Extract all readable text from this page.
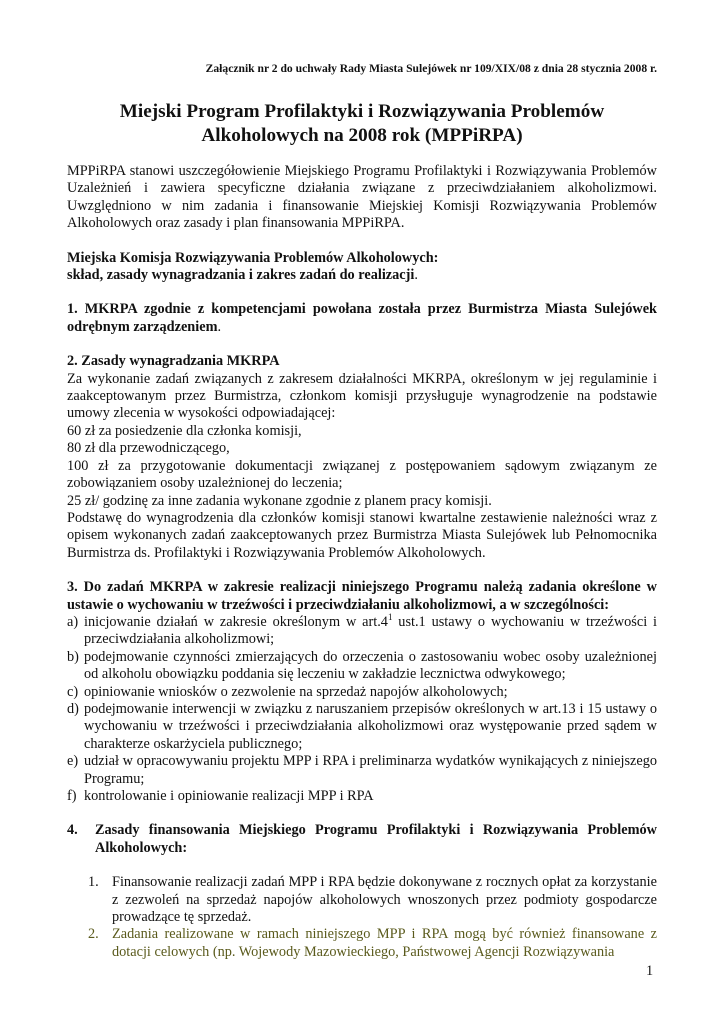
Załącznik nr 2 do uchwały Rady Miasta Sulejówek nr 109/XIX/08 z dnia 28 stycznia 2008 r.
Miejski Program Profilaktyki i Rozwiązywania Problemów
Alkoholowych na 2008 rok (MPPiRPA)

MPPiRPA stanowi uszczegółowienie Miejskiego Programu Profilaktyki i Rozwiązywania Problemów Uzależnień i zawiera specyficzne działania związane z przeciwdziałaniem alkoholizmowi. Uwzględniono w nim zadania i finansowanie Miejskiej Komisji Rozwiązywania Problemów Alkoholowych oraz zasady i plan finansowania MPPiRPA.

Miejska Komisja Rozwiązywania Problemów Alkoholowych:
skład, zasady wynagradzania i zakres zadań do realizacji.

1. MKRPA zgodnie z kompetencjami powołana została przez Burmistrza Miasta Sulejówek odrębnym zarządzeniem.

2. Zasady wynagradzania MKRPA

Za wykonanie zadań związanych z zakresem działalności MKRPA, określonym w jej regulaminie i zaakceptowanym przez Burmistrza, członkom komisji przysługuje wynagrodzenie na podstawie umowy zlecenia w wysokości odpowiadającej:

60 zł za posiedzenie dla członka komisji,

80 zł dla przewodniczącego,

100 zł za przygotowanie dokumentacji związanej z postępowaniem sądowym związanym ze zobowiązaniem osoby uzależnionej do leczenia;

25 zł/ godzinę za inne zadania wykonane zgodnie z planem pracy komisji.

Podstawę do wynagrodzenia dla członków komisji stanowi kwartalne zestawienie należności wraz z opisem wykonanych zadań zaakceptowanych przez Burmistrza Miasta Sulejówek lub Pełnomocnika Burmistrza ds. Profilaktyki i Rozwiązywania Problemów Alkoholowych.

3. Do zadań MKRPA w zakresie realizacji niniejszego Programu należą zadania określone w ustawie o wychowaniu w trzeźwości i przeciwdziałaniu alkoholizmowi, a w szczególności:
a) inicjowanie działań w zakresie określonym w $art.4^1$ ust.1 ustawy o wychowaniu w trzeźwości i przeciwdziałania alkoholizmowi;
b) podejmowanie czynności zmierzających do orzeczenia o zastosowaniu wobec osoby uzależnionej od alkoholu obowiązku poddania się leczeniu w zakładzie lecznictwa odwykowego;
c) opiniowanie wniosków o zezwolenie na sprzedaż napojów alkoholowych;
d) podejmowanie interwencji w związku z naruszaniem przepisów określonych w art.13 i 15 ustawy o wychowaniu w trzeźwości i przeciwdziałania alkoholizmowi oraz występowanie przed sądem w charakterze oskarżyciela publicznego;
e) udział w opracowywaniu projektu MPP i RPA i preliminarza wydatków wynikających z niniejszego Programu;
f) kontrolowanie i opiniowanie realizacji MPP i RPA
4. Zasady finansowania Miejskiego Programu Profilaktyki i Rozwiązywania Problemów Alkoholowych:
1. Finansowanie realizacji zadań MPP i RPA będzie dokonywane z rocznych opłat za korzystanie z zezwoleń na sprzedaż napojów alkoholowych wnoszonych przez podmioty gospodarcze prowadzące tę sprzedaż.
2. Zadania realizowane w ramach niniejszego MPP i RPA mogą być również finansowane z dotacji celowych (np. Wojewody Mazowieckiego, Państwowej Agencji Rozwiązywania
1
